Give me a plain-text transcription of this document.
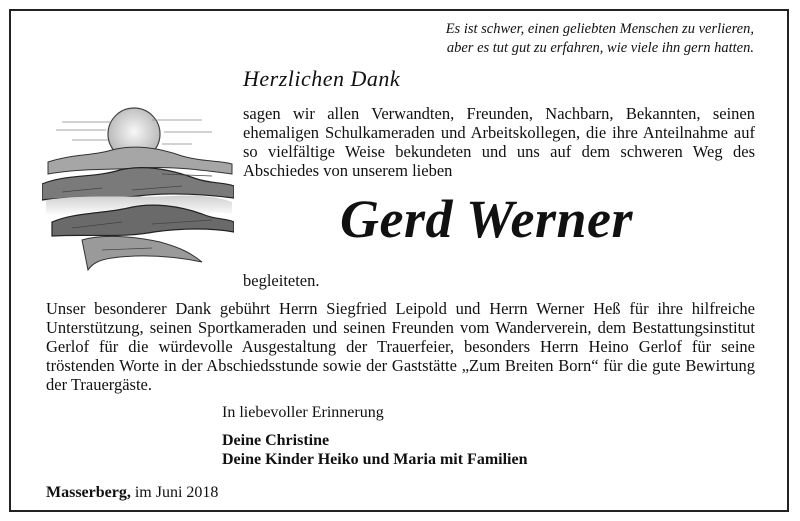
Es ist schwer, einen geliebten Menschen zu verlieren,
aber es tut gut zu erfahren, wie viele ihn gern hatten.
Herzlichen Dank
sagen wir allen Verwandten, Freunden, Nachbarn, Bekannten, seinen ehemaligen Schulkameraden und Arbeitskollegen, die ihre Anteilnahme auf so vielfältige Weise bekundeten und uns auf dem schweren Weg des Abschiedes von unserem lieben
Gerd Werner
begleiteten.
Unser besonderer Dank gebührt Herrn Siegfried Leipold und Herrn Werner Heß für ihre hilfreiche Unterstützung, seinen Sportkameraden und seinen Freunden vom Wanderverein, dem Bestattungsinstitut Gerlof für die würdevolle Ausgestaltung der Trauerfeier, besonders Herrn Heino Gerlof für seine tröstenden Worte in der Abschiedsstunde sowie der Gaststätte „Zum Breiten Born“ für die gute Bewirtung der Trauergäste.
In liebevoller Erinnerung
Deine Christine
Deine Kinder Heiko und Maria mit Familien
Masserberg, im Juni 2018
